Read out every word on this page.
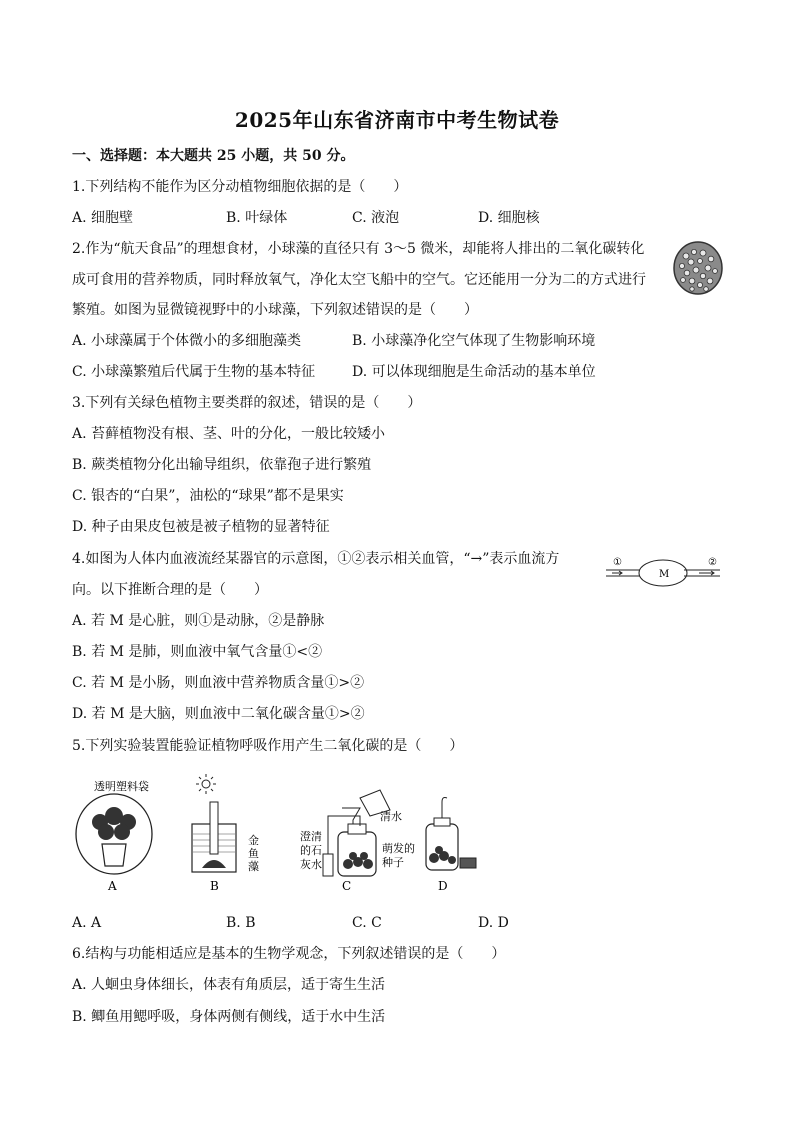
2025年山东省济南市中考生物试卷
一、选择题：本大题共 25 小题，共 50 分。
1.下列结构不能作为区分动植物细胞依据的是（　　）
A. 细胞壁	B. 叶绿体	C. 液泡	D. 细胞核
2.作为“航天食品”的理想食材，小球藻的直径只有 3～5 微米，却能将人排出的二氧化碳转化
成可食用的营养物质，同时释放氧气，净化太空飞船中的空气。它还能用一分为二的方式进行
繁殖。如图为显微镜视野中的小球藻，下列叙述错误的是（　　）
A. 小球藻属于个体微小的多细胞藻类	B. 小球藻净化空气体现了生物影响环境
C. 小球藻繁殖后代属于生物的基本特征	D. 可以体现细胞是生命活动的基本单位
3.下列有关绿色植物主要类群的叙述，错误的是（　　）
A. 苔藓植物没有根、茎、叶的分化，一般比较矮小
B. 蕨类植物分化出输导组织，依靠孢子进行繁殖
C. 银杏的“白果”，油松的“球果”都不是果实
D. 种子由果皮包被是被子植物的显著特征
4.如图为人体内血液流经某器官的示意图，①②表示相关血管，“→”表示血流方
向。以下推断合理的是（　　）
A. 若 M 是心脏，则①是动脉，②是静脉
B. 若 M 是肺，则血液中氧气含量①<②
C. 若 M 是小肠，则血液中营养物质含量①>②
D. 若 M 是大脑，则血液中二氧化碳含量①>②
①	②
M
5.下列实验装置能验证植物呼吸作用产生二氧化碳的是（　　）
透明塑料袋
A
金
鱼
藻
B
清水
澄清
的石
灰水
萌发的
种子
C	D
A. A	B. B	C. C	D. D
6.结构与功能相适应是基本的生物学观念，下列叙述错误的是（　　）
A. 人蛔虫身体细长，体表有角质层，适于寄生生活
B. 鲫鱼用鳃呼吸，身体两侧有侧线，适于水中生活
